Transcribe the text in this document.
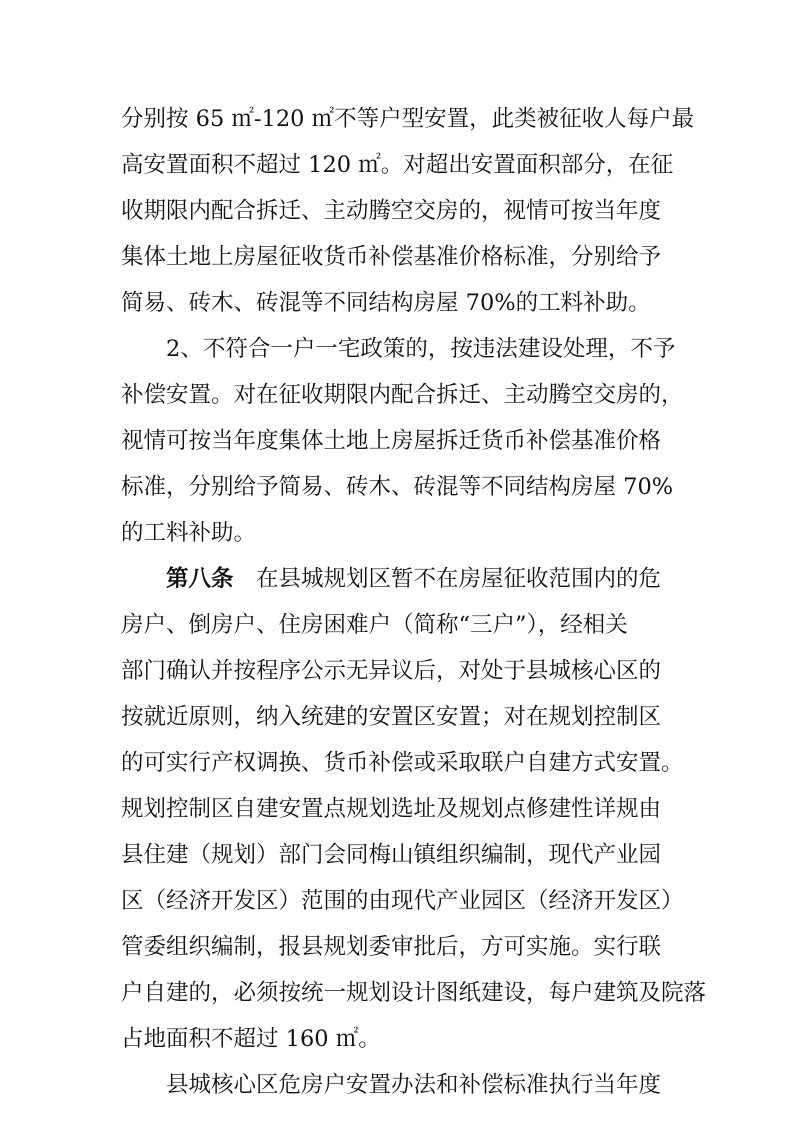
分别按 65 ㎡-120 ㎡不等户型安置，此类被征收人每户最
高安置面积不超过 120 ㎡。对超出安置面积部分，在征
收期限内配合拆迁、主动腾空交房的，视情可按当年度
集体土地上房屋征收货币补偿基准价格标准，分别给予
简易、砖木、砖混等不同结构房屋 70%的工料补助。
2、不符合一户一宅政策的，按违法建设处理，不予
补偿安置。对在征收期限内配合拆迁、主动腾空交房的，
视情可按当年度集体土地上房屋拆迁货币补偿基准价格
标准，分别给予简易、砖木、砖混等不同结构房屋 70%
的工料补助。
第八条 在县城规划区暂不在房屋征收范围内的危
房户、倒房户、住房困难户（简称“三户”），经相关
部门确认并按程序公示无异议后，对处于县城核心区的
按就近原则，纳入统建的安置区安置；对在规划控制区
的可实行产权调换、货币补偿或采取联户自建方式安置。
规划控制区自建安置点规划选址及规划点修建性详规由
县住建（规划）部门会同梅山镇组织编制，现代产业园
区（经济开发区）范围的由现代产业园区（经济开发区）
管委组织编制，报县规划委审批后，方可实施。实行联
户自建的，必须按统一规划设计图纸建设，每户建筑及院落
占地面积不超过 160 ㎡。
县城核心区危房户安置办法和补偿标准执行当年度
